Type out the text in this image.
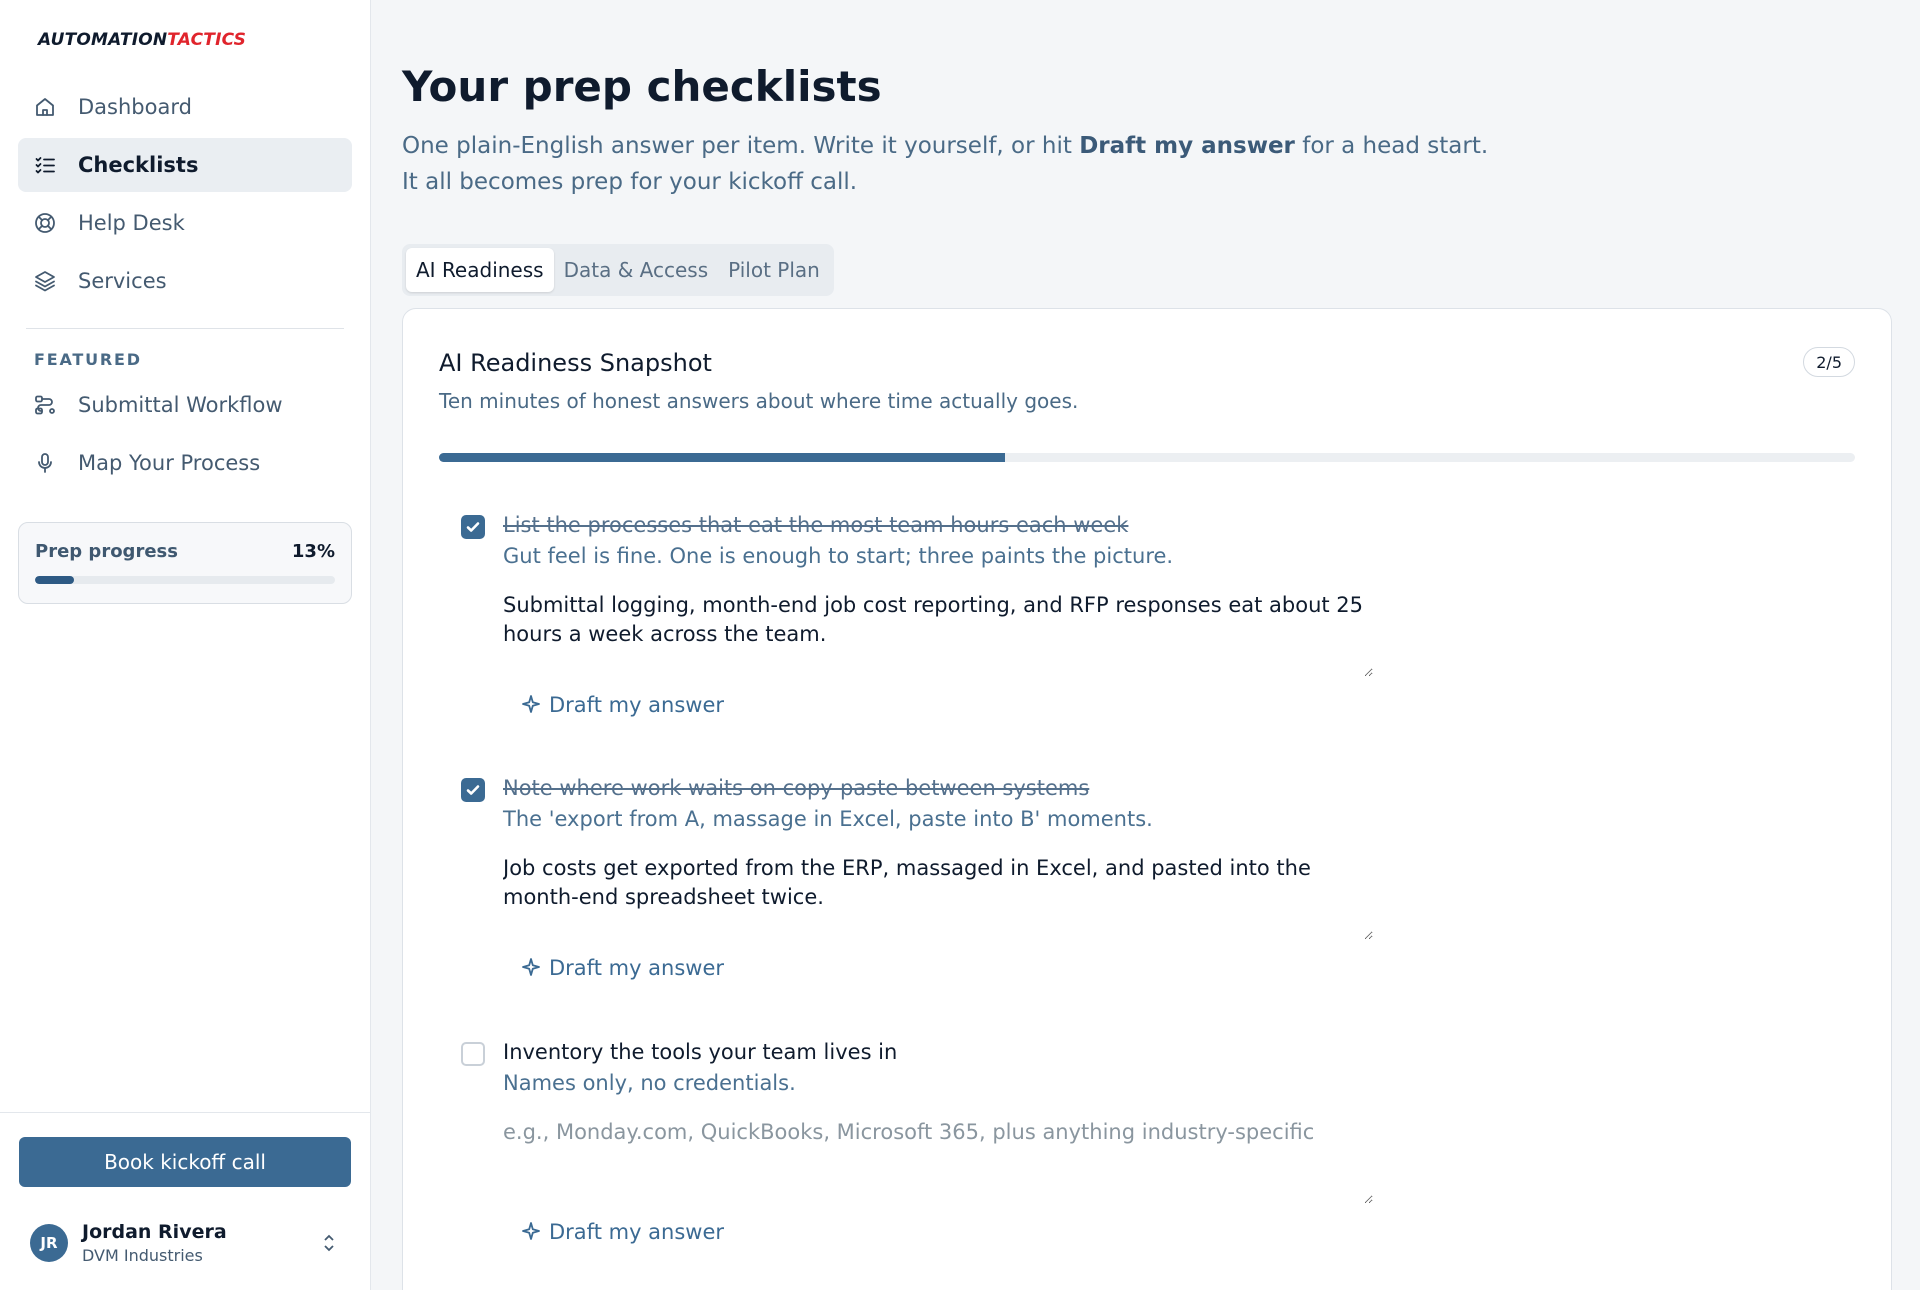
AUTOMATIONTACTICS
Dashboard
Checklists
Help Desk
Services
FEATURED
Submittal Workflow
Map Your Process
Prep progress	13%
Book kickoff call
JR	Jordan Rivera
DVM Industries
Your prep checklists

One plain-English answer per item. Write it yourself, or hit Draft my answer for a head start. It all becomes prep for your kickoff call.

AI Readiness	Data & Access	Pilot Plan
AI Readiness Snapshot
Ten minutes of honest answers about where time actually goes.
2/5
List the processes that eat the most team hours each week
Gut feel is fine. One is enough to start; three paints the picture.
Submittal logging, month-end job cost reporting, and RFP responses eat about 25 hours a week across the team.
Draft my answer
Note where work waits on copy-paste between systems
The 'export from A, massage in Excel, paste into B' moments.
Job costs get exported from the ERP, massaged in Excel, and pasted into the month-end spreadsheet twice.
Draft my answer
Inventory the tools your team lives in
Names only, no credentials.
e.g., Monday.com, QuickBooks, Microsoft 365, plus anything industry-specific
Draft my answer
